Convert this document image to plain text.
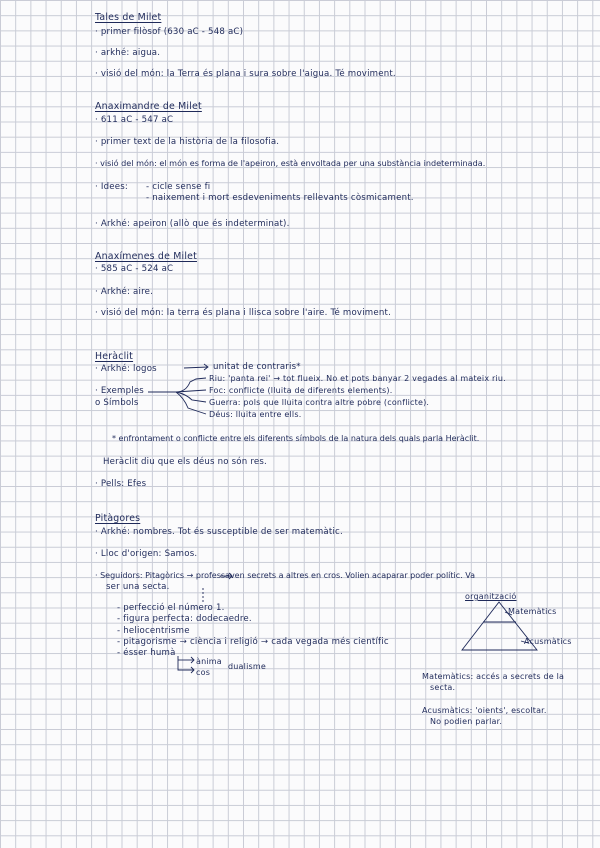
Tales de Milet
· primer filòsof (630 aC - 548 aC)
· arkhé: aigua.
· visió del món: la Terra és plana i sura sobre l'aigua. Té moviment.
Anaximandre de Milet
· 611 aC - 547 aC
· primer text de la història de la filosofia.
· visió del món: el món es forma de l'apeiron, està envoltada per una substància indeterminada.
· Idees: - cicle sense fi
- naixement i mort esdeveniments rellevants còsmicament.
· Arkhé: apeiron (allò que és indeterminat).
Anaxímenes de Milet
· 585 aC - 524 aC
· Arkhé: aire.
· visió del món: la terra és plana i llisca sobre l'aire. Té moviment.
Heràclit
· Arkhé: logos	unitat de contraris*
· Exemples
o Símbols
Riu: 'panta rei' → tot flueix. No et pots banyar 2 vegades al mateix riu.
Foc: conflicte (lluita de diferents elements).
Guerra: pols que lluita contra altre pobre (conflicte).
Déus: lluita entre ells.
* enfrontament o conflicte entre els diferents símbols de la natura dels quals parla Heràclit.
Heràclit diu que els déus no són res.
· Pells: Efes
Pitàgores
· Arkhé: nombres. Tot és susceptible de ser matemàtic.
· Lloc d'origen: Samos.
· Seguidors: Pitagòrics → professaven secrets a altres en cros. Volien acaparar poder polític. Va
ser una secta.
- perfecció el número 1.
- figura perfecta: dodecaedre.
- heliocentrisme
- pitagorisme → ciència i religió → cada vegada més científic
- ésser humà
ànima
cos
dualisme
organització
Matemàtics
Acusmàtics
Matemàtics: accés a secrets de la
secta.
Acusmàtics: 'oients', escoltar.
No podien parlar.
